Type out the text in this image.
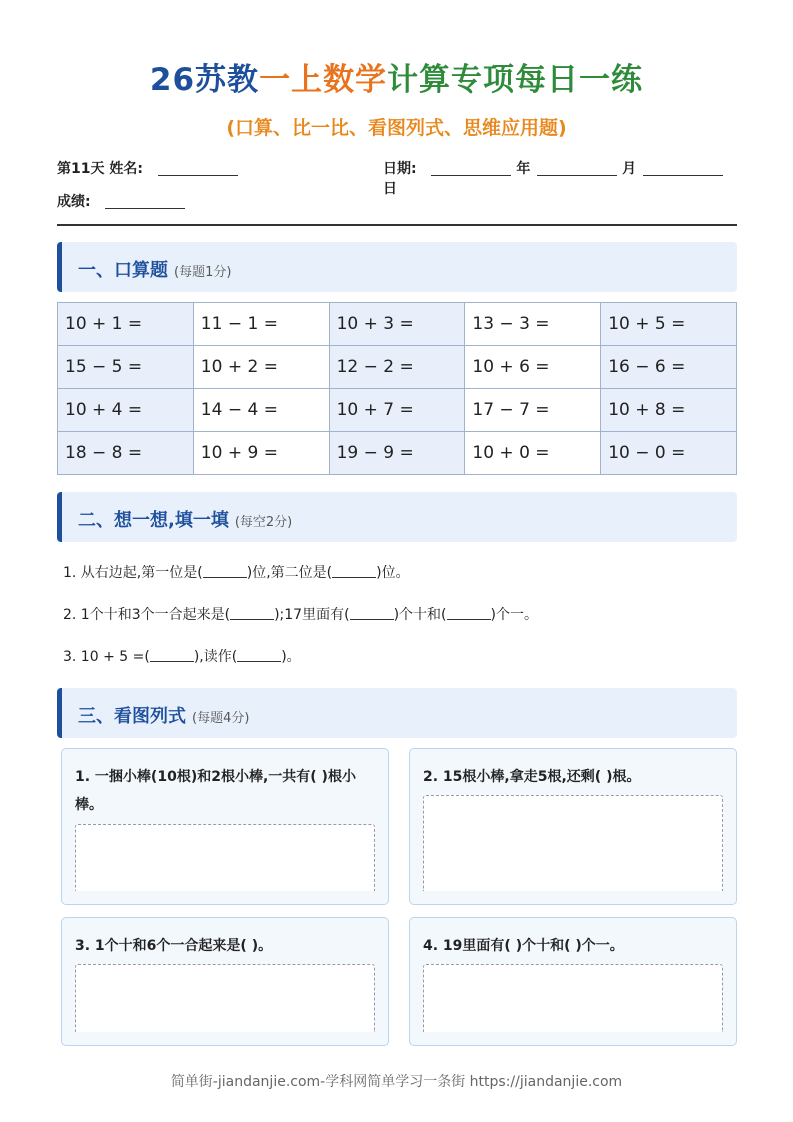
26苏教一上数学计算专项每日一练
(口算、比一比、看图列式、思维应用题)
第11天 姓名:	日期:	年	月  日
成绩:
一、口算题 (每题1分)
10 + 1 =	11 − 1 =	10 + 3 =	13 − 3 =	10 + 5 =
15 − 5 =	10 + 2 =	12 − 2 =	10 + 6 =	16 − 6 =
10 + 4 =	14 − 4 =	10 + 7 =	17 − 7 =	10 + 8 =
18 − 8 =	10 + 9 =	19 − 9 =	10 + 0 =	10 − 0 =
二、想一想,填一填 (每空2分)
1. 从右边起,第一位是(	)位,第二位是(	)位。
2. 1个十和3个一合起来是(	);17里面有(	)个十和(	)个一。
3. 10 + 5 =(	),读作(	)。
三、看图列式 (每题4分)
1. 一捆小棒(10根)和2根小棒,一共有( )根小棒。
2. 15根小棒,拿走5根,还剩( )根。
3. 1个十和6个一合起来是( )。	4. 19里面有( )个十和( )个一。
简单街-jiandanjie.com-学科网简单学习一条街 https://jiandanjie.com
